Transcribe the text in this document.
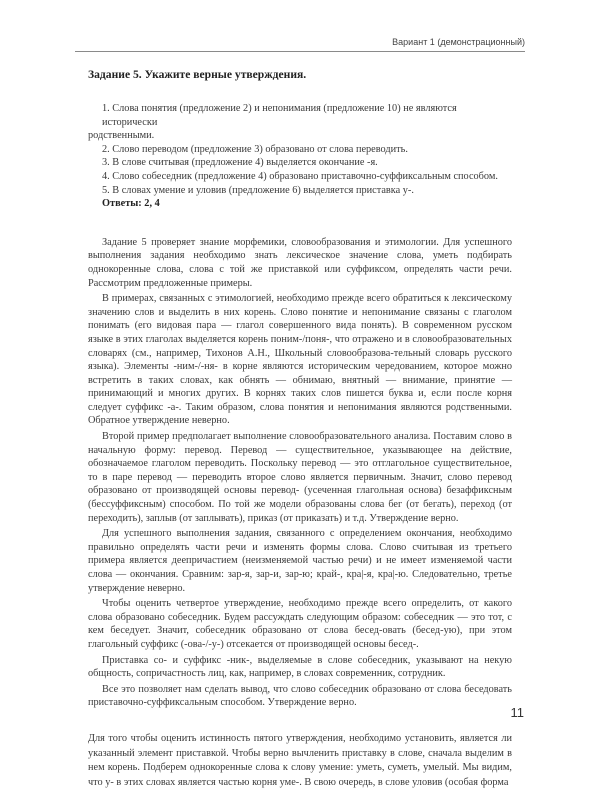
Вариант 1 (демонстрационный)
Задание 5. Укажите верные утверждения.

1. Слова понятия (предложение 2) и непонимания (предложение 10) не являются исторически

родственными.

2. Слово переводом (предложение 3) образовано от слова переводить.

3. В слове считывая (предложение 4) выделяется окончание -я.

4. Слово собеседник (предложение 4) образовано приставочно-суффиксальным способом.

5. В словах умение и уловив (предложение 6) выделяется приставка у-.

Ответы: 2, 4

Задание 5 проверяет знание морфемики, словообразования и этимологии. Для успешного выполнения задания необходимо знать лексическое значение слова, уметь подбирать однокоренные слова, слова с той же приставкой или суффиксом, определять части речи. Рассмотрим предложенные примеры.

В примерах, связанных с этимологией, необходимо прежде всего обратиться к лексическому значению слов и выделить в них корень. Слово понятие и непонимание связаны с глаголом понимать (его видовая пара — глагол совершенного вида понять). В современном русском языке в этих глаголах выделяется корень поним-/поня-, что отражено и в словообразовательных словарях (см., например, Тихонов А.Н., Школьный словообразова-тельный словарь русского языка). Элементы -ним-/-ня- в корне являются историческим чередованием, которое можно встретить в таких словах, как обнять — обнимаю, внятный — внимание, принятие — принимающий и многих других. В корнях таких слов пишется буква и, если после корня следует суффикс -а-. Таким образом, слова понятия и непонимания являются родственными. Обратное утверждение неверно.

Второй пример предполагает выполнение словообразовательного анализа. Поставим слово в начальную форму: перевод. Перевод — существительное, указывающее на действие, обозначаемое глаголом переводить. Поскольку перевод — это отглагольное существительное, то в паре перевод — переводить второе слово является первичным. Значит, слово перевод образовано от производящей основы перевод- (усеченная глагольная основа) безаффиксным (бессуффиксным) способом. По той же модели образованы слова бег (от бегать), переход (от переходить), заплыв (от заплывать), приказ (от приказать) и т.д. Утверждение верно.

Для успешного выполнения задания, связанного с определением окончания, необходимо правильно определять части речи и изменять формы слова. Слово считывая из третьего примера является деепричастием (неизменяемой частью речи) и не имеет изменяемой части слова — окончания. Сравним: зар-я, зар-и, зар-ю; край-, кра|-я, кра|-ю. Следовательно, третье утверждение неверно.

Чтобы оценить четвертое утверждение, необходимо прежде всего определить, от какого слова образовано собеседник. Будем рассуждать следующим образом: собеседник — это тот, с кем беседует. Значит, собеседник образовано от слова бесед-овать (бесед-ую), при этом глагольный суффикс (-ова-/-у-) отсекается от производящей основы бесед-.

Приставка со- и суффикс -ник-, выделяемые в слове собеседник, указывают на некую общность, сопричастность лиц, как, например, в словах современник, сотрудник.

Все это позволяет нам сделать вывод, что слово собеседник образовано от слова беседовать приставочно-суффиксальным способом. Утверждение верно.

Для того чтобы оценить истинность пятого утверждения, необходимо установить, является ли указанный элемент приставкой. Чтобы верно вычленить приставку в слове, сначала выделим в нем корень. Подберем однокоренные слова к слову умение: уметь, суметь, умелый. Мы видим, что у- в этих словах является частью корня уме-. В свою очередь, в слове уловив (особая форма

11
